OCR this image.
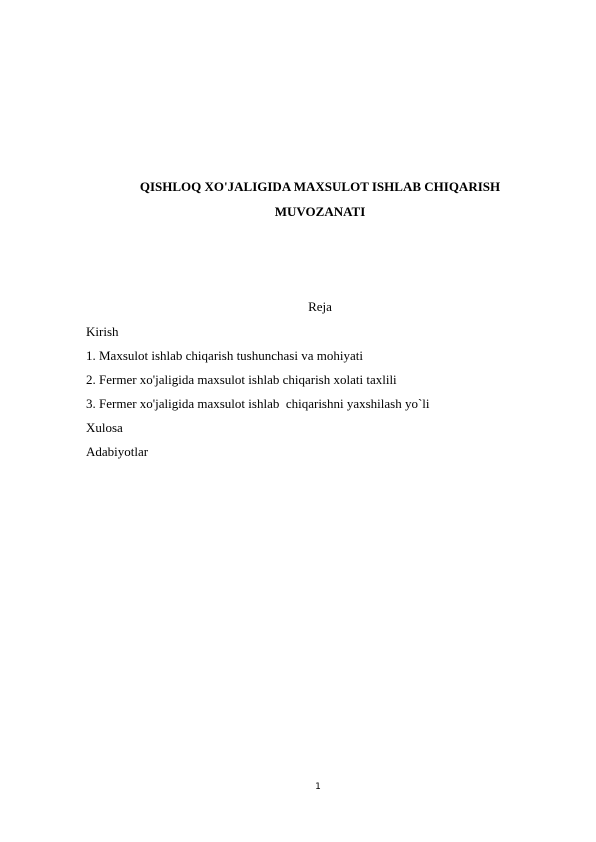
QISHLOQ XO'JALIGIDA MAXSULOT ISHLAB CHIQARISH
MUVOZANATI
Reja
Kirish
1. Maxsulot ishlab chiqarish tushunchasi va mohiyati
2. Fermer xo'jaligida maxsulot ishlab chiqarish xolati taxlili
3. Fermer xo'jaligida maxsulot ishlab  chiqarishni yaxshilash yo`li
Xulosa
Adabiyotlar
1
